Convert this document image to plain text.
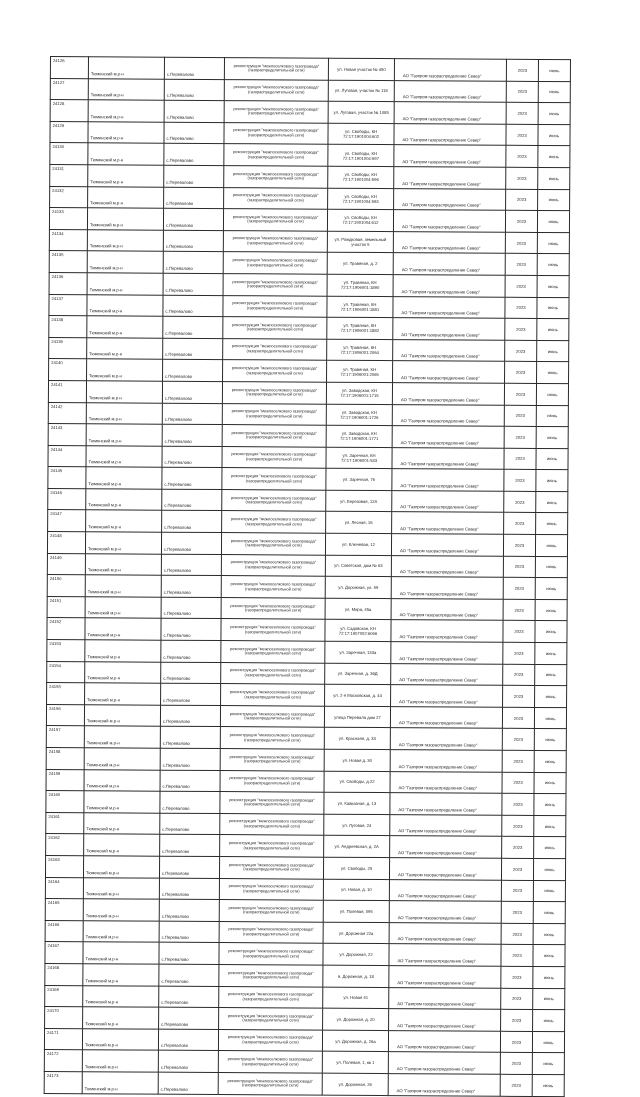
24126	Тюменский м.р-н	с.Перевалово	реконструкция "межпоселкового газопровода" (газораспределительной сети)	ул. Новая участок № 450	АО "Газпром газораспределение Север"	2023	июнь
24127	Тюменский м.р-н	с.Перевалово	реконструкция "межпоселкового газопровода" (газораспределительной сети)	ул. Луговая, участок № 118	АО "Газпром газораспределение Север"	2023	июнь
24128	Тюменский м.р-н	с.Перевалово	реконструкция "межпоселкового газопровода" (газораспределительной сети)	ул. Луговая, участок № 1085	АО "Газпром газораспределение Север"	2023	июнь
24129	Тюменский м.р-н	с.Перевалово	реконструкция "межпоселкового газопровода" (газораспределительной сети)	ул. Свободы, КН 72:17:1901004:602	АО "Газпром газораспределение Север"	2023	июнь
24130	Тюменский м.р-н	с.Перевалово	реконструкция "межпоселкового газопровода" (газораспределительной сети)	ул. Свободы, КН 72:17:1901004:597	АО "Газпром газораспределение Север"	2023	июнь
24131	Тюменский м.р-н	с.Перевалово	реконструкция "межпоселкового газопровода" (газораспределительной сети)	ул. Свободы, КН 72:17:1901004:596	АО "Газпром газораспределение Север"	2023	июнь
24132	Тюменский м.р-н	с.Перевалово	реконструкция "межпоселкового газопровода" (газораспределительной сети)	ул. Свободы, КН 72:17:1901004:593	АО "Газпром газораспределение Север"	2023	июнь
24133	Тюменский м.р-н	с.Перевалово	реконструкция "межпоселкового газопровода" (газораспределительной сети)	ул. Свободы, КН 72:17:1901004:612	АО "Газпром газораспределение Север"	2023	июнь
24134	Тюменский м.р-н	с.Перевалово	реконструкция "межпоселкового газопровода" (газораспределительной сети)	ул. Рождковая, земельный участок 5	АО "Газпром газораспределение Север"	2023	июнь
24135	Тюменский м.р-н	с.Перевалово	реконструкция "межпоселкового газопровода" (газораспределительной сети)	ул. Травяная, д. 2	АО "Газпром газораспределение Север"	2023	июнь
24136	Тюменский м.р-н	с.Перевалово	реконструкция "межпоселкового газопровода" (газораспределительной сети)	ул. Травяная, КН 72:17:1906001:1890	АО "Газпром газораспределение Север"	2023	июнь
24137	Тюменский м.р-н	с.Перевалово	реконструкция "межпоселкового газопровода" (газораспределительной сети)	ул. Травяная, КН 72:17:1906001:1881	АО "Газпром газораспределение Север"	2023	июнь
24138	Тюменский м.р-н	с.Перевалово	реконструкция "межпоселкового газопровода" (газораспределительной сети)	ул. Травяная, КН 72:17:1906001:1882	АО "Газпром газораспределение Север"	2023	июнь
24139	Тюменский м.р-н	с.Перевалово	реконструкция "межпоселкового газопровода" (газораспределительной сети)	ул. Травяная, КН 72:17:1906001:2064	АО "Газпром газораспределение Север"	2023	июнь
24140	Тюменский м.р-н	с.Перевалово	реконструкция "межпоселкового газопровода" (газораспределительной сети)	ул. Травяная, КН 72:17:1906001:2065	АО "Газпром газораспределение Север"	2023	июнь
24141	Тюменский м.р-н	с.Перевалово	реконструкция "межпоселкового газопровода" (газораспределительной сети)	ул. Заводская, КН 72:17:1906001:1715	АО "Газпром газораспределение Север"	2023	июнь
24142	Тюменский м.р-н	с.Перевалово	реконструкция "межпоселкового газопровода" (газораспределительной сети)	ул. Заводская, КН 72:17:1906001:1726	АО "Газпром газораспределение Север"	2023	июнь
24143	Тюменский м.р-н	с.Перевалово	реконструкция "межпоселкового газопровода" (газораспределительной сети)	ул. Заводская, КН 72:17:1906001:1771	АО "Газпром газораспределение Север"	2023	июнь
24144	Тюменский м.р-н	с.Перевалово	реконструкция "межпоселкового газопровода" (газораспределительной сети)	ул. Заречная, КН 72:17:1906001:533	АО "Газпром газораспределение Север"	2023	июнь
24145	Тюменский м.р-н	с.Перевалово	реконструкция "межпоселкового газопровода" (газораспределительной сети)	ул. Заречная, 76	АО "Газпром газораспределение Север"	2023	июнь
24146	Тюменский м.р-н	с.Перевалово	реконструкция "межпоселкового газопровода" (газораспределительной сети)	ул. Березовая, 12А	АО "Газпром газораспределение Север"	2023	июнь
24147	Тюменский м.р-н	с.Перевалово	реконструкция "межпоселкового газопровода" (газораспределительной сети)	ул. Лесная, 16	АО "Газпром газораспределение Север"	2023	июнь
24148	Тюменский м.р-н	с.Перевалово	реконструкция "межпоселкового газопровода" (газораспределительной сети)	ул. Ключевая, 12	АО "Газпром газораспределение Север"	2023	июнь
24149	Тюменский м.р-н	с.Перевалово	реконструкция "межпоселкового газопровода" (газораспределительной сети)	ул. Советская, дом № 63	АО "Газпром газораспределение Север"	2023	июнь
24150	Тюменский м.р-н	с.Перевалово	реконструкция "межпоселкового газопровода" (газораспределительной сети)	ул. Дорожная, ул. 59	АО "Газпром газораспределение Север"	2023	июнь
24151	Тюменский м.р-н	с.Перевалово	реконструкция "межпоселкового газопровода" (газораспределительной сети)	ул. Мира, 45а	АО "Газпром газораспределение Север"	2023	июнь
24152	Тюменский м.р-н	с.Перевалово	реконструкция "межпоселкового газопровода" (газораспределительной сети)	ул. Садовская, КН 72:17:1907002:6066	АО "Газпром газораспределение Север"	2023	июнь
24153	Тюменский м.р-н	с.Перевалово	реконструкция "межпоселкового газопровода" (газораспределительной сети)	ул. Заречная, 133а	АО "Газпром газораспределение Север"	2023	июнь
24154	Тюменский м.р-н	с.Перевалово	реконструкция "межпоселкового газопровода" (газораспределительной сети)	ул. Заречная, д. 36Д	АО "Газпром газораспределение Север"	2023	июнь
24155	Тюменский м.р-н	с.Перевалово	реконструкция "межпоселкового газопровода" (газораспределительной сети)	ул. 2-я Московская, д. 44	АО "Газпром газораспределение Север"	2023	июнь
24156	Тюменский м.р-н	с.Перевалово	реконструкция "межпоселкового газопровода" (газораспределительной сети)	улица Перевала дом 27	АО "Газпром газораспределение Север"	2023	июнь
24157	Тюменский м.р-н	с.Перевалово	реконструкция "межпоселкового газопровода" (газораспределительной сети)	ул. Краснаяя, д. 33	АО "Газпром газораспределение Север"	2023	июнь
24158	Тюменский м.р-н	с.Перевалово	реконструкция "межпоселкового газопровода" (газораспределительной сети)	ул. Новая д. 30	АО "Газпром газораспределение Север"	2023	июнь
24159	Тюменский м.р-н	с.Перевалово	реконструкция "межпоселкового газопровода" (газораспределительной сети)	ул. Свободы, д.22	АО "Газпром газораспределение Север"	2023	июнь
24160	Тюменский м.р-н	с.Перевалово	реконструкция "межпоселкового газопровода" (газораспределительной сети)	ул. Кавказная, д. 13	АО "Газпром газораспределение Север"	2023	июнь
24161	Тюменский м.р-н	с.Перевалово	реконструкция "межпоселкового газопровода" (газораспределительной сети)	ул. Луговая, 24	АО "Газпром газораспределение Север"	2023	июнь
24162	Тюменский м.р-н	с.Перевалово	реконструкция "межпоселкового газопровода" (газораспределительной сети)	ул. Андреевская, д. 2А	АО "Газпром газораспределение Север"	2023	июнь
24163	Тюменский м.р-н	с.Перевалово	реконструкция "межпоселкового газопровода" (газораспределительной сети)	ул. Свободы, 25	АО "Газпром газораспределение Север"	2023	июнь
24164	Тюменский м.р-н	с.Перевалово	реконструкция "межпоселкового газопровода" (газораспределительной сети)	ул. Новая, д. 10	АО "Газпром газораспределение Север"	2023	июнь
24165	Тюменский м.р-н	с.Перевалово	реконструкция "межпоселкового газопровода" (газораспределительной сети)	ул. Полевая, 095	АО "Газпром газораспределение Север"	2023	июнь
24166	Тюменский м.р-н	с.Перевалово	реконструкция "межпоселкового газопровода" (газораспределительной сети)	ул. Дорожная 22а	АО "Газпром газораспределение Север"	2023	июнь
24167	Тюменский м.р-н	с.Перевалово	реконструкция "межпоселкового газопровода" (газораспределительной сети)	ул. Дорожная, 22	АО "Газпром газораспределение Север"	2023	июнь
24168	Тюменский м.р-н	с.Перевалово	реконструкция "межпоселкового газопровода" (газораспределительной сети)	в. Дорожная, д. 18	АО "Газпром газораспределение Север"	2023	июнь
24169	Тюменский м.р-н	с.Перевалово	реконструкция "межпоселкового газопровода" (газораспределительной сети)	ул. Новая 41	АО "Газпром газораспределение Север"	2023	июнь
24170	Тюменский м.р-н	с.Перевалово	реконструкция "межпоселкового газопровода" (газораспределительной сети)	ул. Дорожная, д. 20	АО "Газпром газораспределение Север"	2023	июнь
24171	Тюменский м.р-н	с.Перевалово	реконструкция "межпоселкового газопровода" (газораспределительной сети)	ул. Дорожная, д. 26а	АО "Газпром газораспределение Север"	2023	июнь
24172	Тюменский м.р-н	с.Перевалово	реконструкция "межпоселкового газопровода" (газораспределительной сети)	ул. Полевая, 1, кв 1	АО "Газпром газораспределение Север"	2023	июнь
24173	Тюменский м.р-н	с.Перевалово	реконструкция "межпоселкового газопровода" (газораспределительной сети)	ул. Дорожная, 26	АО "Газпром газораспределение Север"	2023	июнь
